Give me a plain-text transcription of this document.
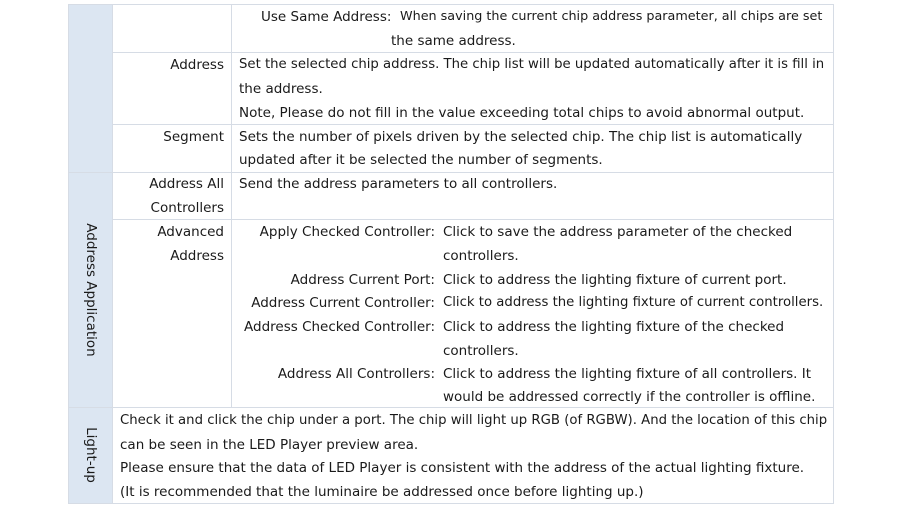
Address Application
Light-up
Use Same Address: When saving the current chip address parameter, all chips are set
the same address.
Address Set the selected chip address. The chip list will be updated automatically after it is fill in
the address.
Note, Please do not fill in the value exceeding total chips to avoid abnormal output.
Segment Sets the number of pixels driven by the selected chip. The chip list is automatically
updated after it be selected the number of segments.
Address All
Controllers
Send the address parameters to all controllers.
Advanced
Address
Apply Checked Controller: Click to save the address parameter of the checked
controllers.
Address Current Port: Click to address the lighting fixture of current port.
Address Current Controller: Click to address the lighting fixture of current controllers.
Address Checked Controller: Click to address the lighting fixture of the checked
controllers.
Address All Controllers: Click to address the lighting fixture of all controllers. It
would be addressed correctly if the controller is offline.
Check it and click the chip under a port. The chip will light up RGB (of RGBW). And the location of this chip
can be seen in the LED Player preview area.
Please ensure that the data of LED Player is consistent with the address of the actual lighting fixture.
(It is recommended that the luminaire be addressed once before lighting up.)
